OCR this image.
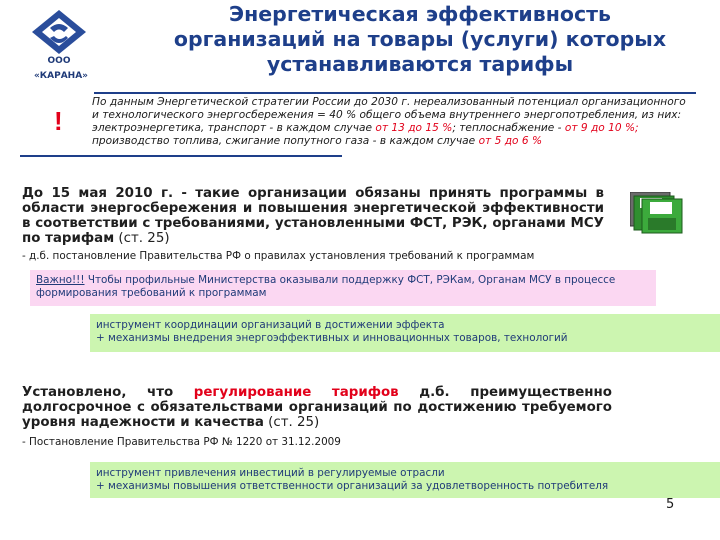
ООО
«КАРАНА»
Энергетическая эффективность
организаций на товары (услуги) которых
устанавливаются тарифы
!
По данным Энергетической стратегии России до 2030 г. нереализованный потенциал организационного
и технологического энергосбережения = 40 % общего объема внутреннего энергопотребления, из них:
электроэнергетика, транспорт - в каждом случае от 13 до 15 %; теплоснабжение - от 9 до 10 %;
производство топлива, сжигание попутного газа - в каждом случае от 5 до 6 %
До 15 мая 2010 г. - такие организации обязаны принять программы в области энергосбережения и повышения энергетической эффективности в соответствии с требованиями, установленными ФСТ, РЭК, органами МСУ по тарифам (ст. 25)
- д.б. постановление Правительства РФ о правилах установления требований к программам
Важно!!! Чтобы профильные Министерства оказывали поддержку ФСТ, РЭКам, Органам МСУ в процессе формирования требований к программам
инструмент координации организаций в достижении эффекта
+ механизмы внедрения энергоэффективных и инновационных товаров, технологий
Установлено, что регулирование тарифов д.б. преимущественно долгосрочное с обязательствами организаций по достижению требуемого уровня надежности и качества (ст. 25)
- Постановление Правительства РФ № 1220 от 31.12.2009
инструмент привлечения инвестиций в регулируемые отрасли
+ механизмы повышения ответственности организаций за удовлетворенность потребителя
5
